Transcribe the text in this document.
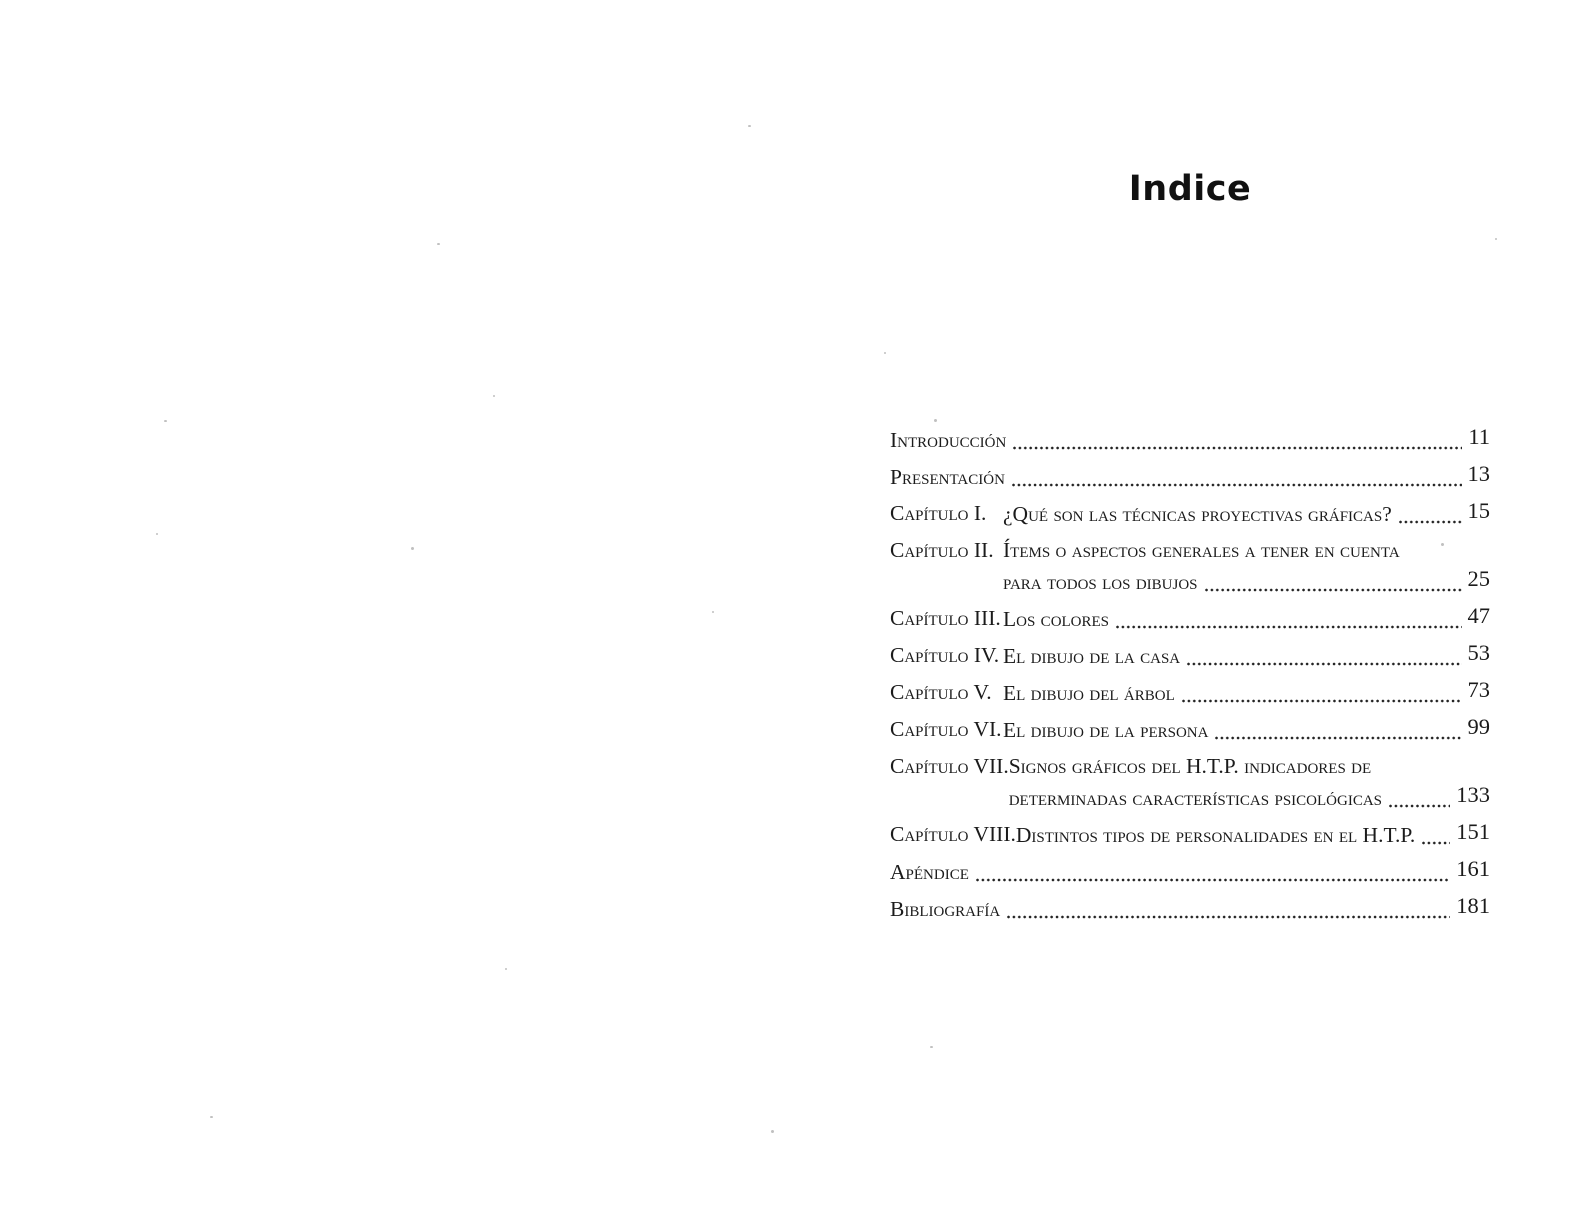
Indice
Introducción	11
Presentación	13
Capítulo I. ¿Qué son las técnicas proyectivas gráficas?	15
Capítulo II. Ítems o aspectos generales a tener en cuenta
para todos los dibujos	25
Capítulo III. Los colores	47
Capítulo IV. El dibujo de la casa	53
Capítulo V. El dibujo del árbol	73
Capítulo VI. El dibujo de la persona	99
Capítulo VII. Signos gráficos del H.T.P. indicadores de
determinadas características psicológicas	133
Capítulo VIII. Distintos tipos de personalidades en el H.T.P. 151
Apéndice	161
Bibliografía	181
